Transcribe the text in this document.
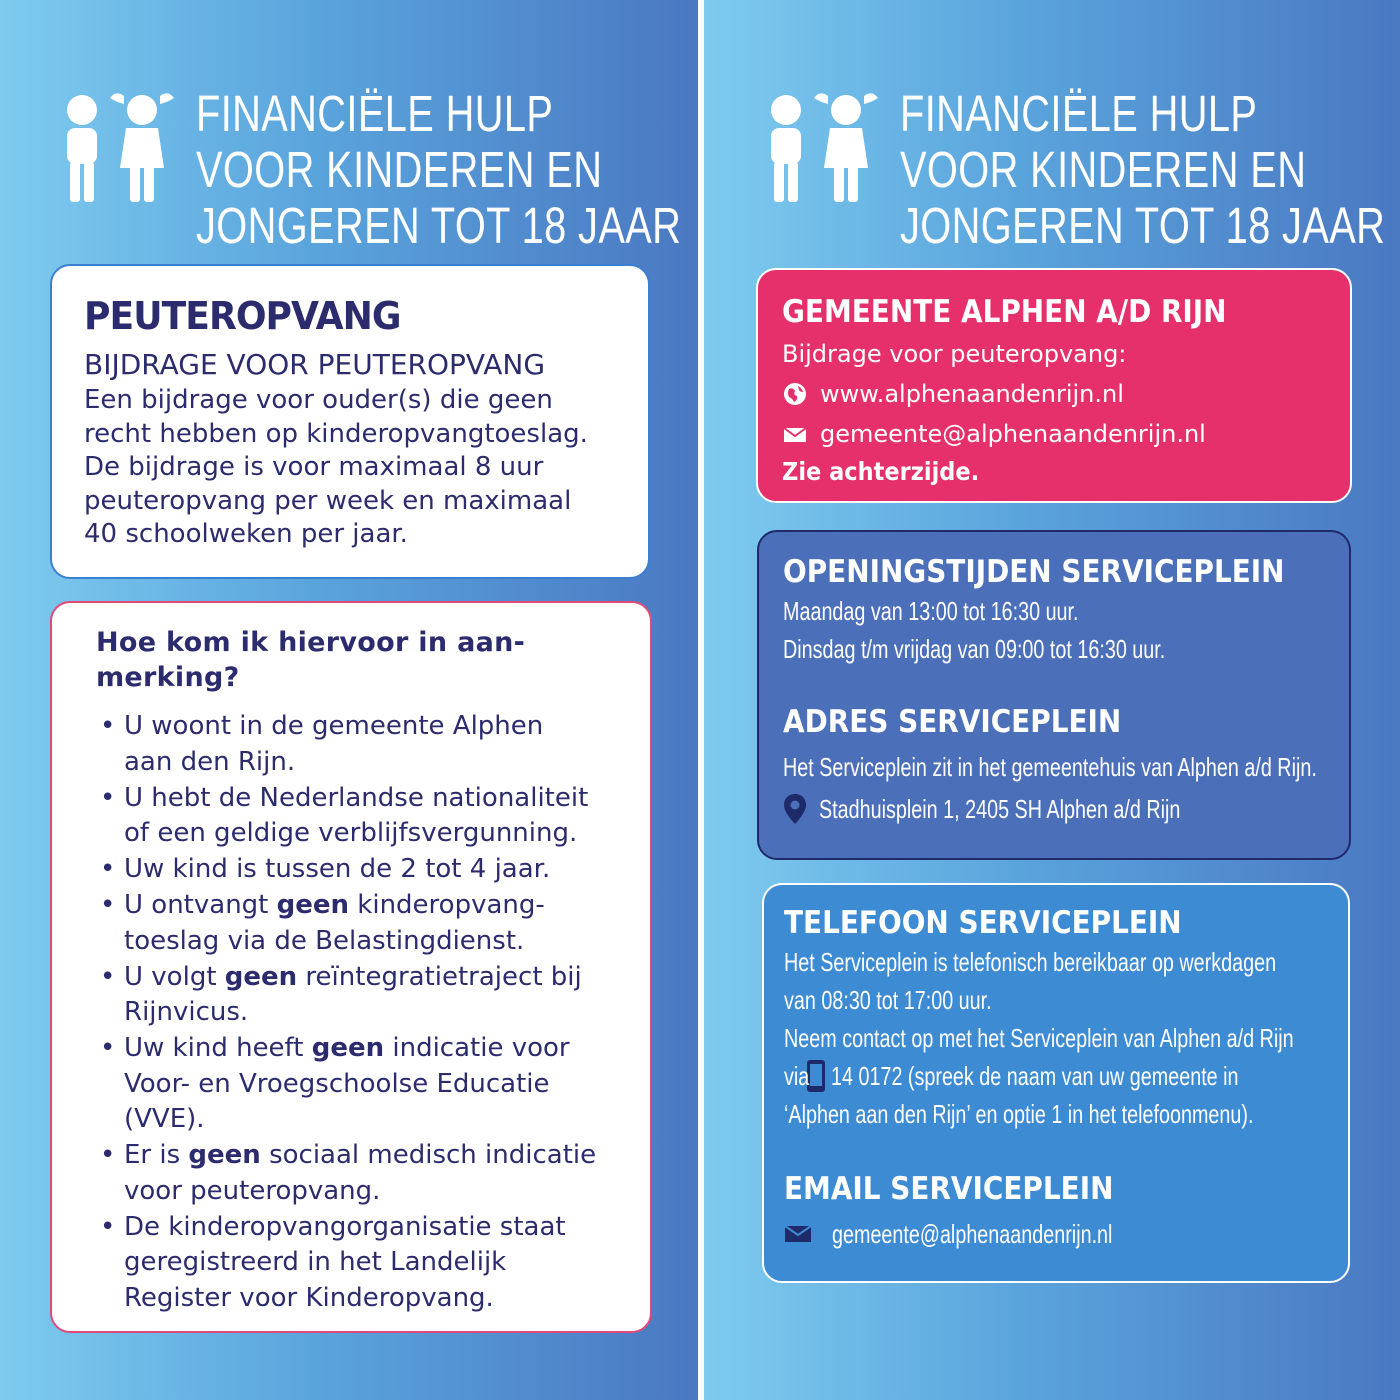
FINANCIËLE HULP
VOOR KINDEREN EN
JONGEREN TOT 18 JAAR
PEUTEROPVANG

BIJDRAGE VOOR PEUTEROPVANG

Een bijdrage voor ouder(s) die geen
recht hebben op kinderopvangtoeslag.
De bijdrage is voor maximaal 8 uur
peuteropvang per week en maximaal
40 schoolweken per jaar.

Hoe kom ik hiervoor in aan-
merking?
• U woont in de gemeente Alphen
aan den Rijn.
• U hebt de Nederlandse nationaliteit
of een geldige verblijfsvergunning.
• Uw kind is tussen de 2 tot 4 jaar.
• U ontvangt geen kinderopvang-
toeslag via de Belastingdienst.
• U volgt geen reïntegratietraject bij
Rijnvicus.
• Uw kind heeft geen indicatie voor
Voor- en Vroegschoolse Educatie
(VVE).
• Er is geen sociaal medisch indicatie
voor peuteropvang.
• De kinderopvangorganisatie staat
geregistreerd in het Landelijk
Register voor Kinderopvang.
FINANCIËLE HULP
VOOR KINDEREN EN
JONGEREN TOT 18 JAAR
GEMEENTE ALPHEN A/D RIJN

Bijdrage voor peuteropvang:

www.alphenaandenrijn.nl
gemeente@alphenaandenrijn.nl

Zie achterzijde.

OPENINGSTIJDEN SERVICEPLEIN

Maandag van 13:00 tot 16:30 uur.

Dinsdag t/m vrijdag van 09:00 tot 16:30 uur.

ADRES SERVICEPLEIN

Het Serviceplein zit in het gemeentehuis van Alphen a/d Rijn.

Stadhuisplein 1, 2405 SH Alphen a/d Rijn
TELEFOON SERVICEPLEIN

Het Serviceplein is telefonisch bereikbaar op werkdagen

van 08:30 tot 17:00 uur.

Neem contact op met het Serviceplein van Alphen a/d Rijn

via 14 0172 (spreek de naam van uw gemeente in

‘Alphen aan den Rijn’ en optie 1 in het telefoonmenu).

EMAIL SERVICEPLEIN
gemeente@alphenaandenrijn.nl
